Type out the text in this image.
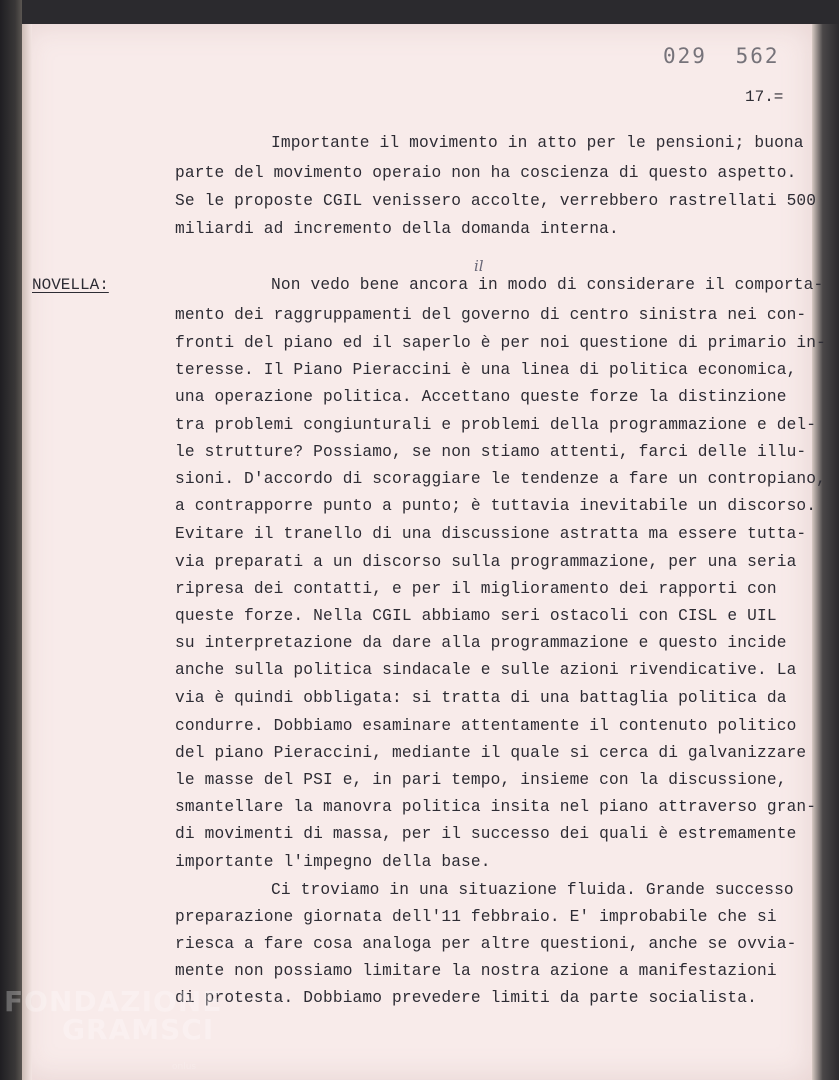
029 562
17.=
Importante il movimento in atto per le pensioni; buona
parte del movimento operaio non ha coscienza di questo aspetto.
Se le proposte CGIL venissero accolte, verrebbero rastrellati 500
miliardi ad incremento della domanda interna.
NOVELLA:
il
Non vedo bene ancora in modo di considerare il comporta-
mento dei raggruppamenti del governo di centro sinistra nei con-
fronti del piano ed il saperlo è per noi questione di primario in-
teresse. Il Piano Pieraccini è una linea di politica economica,
una operazione politica. Accettano queste forze la distinzione
tra problemi congiunturali e problemi della programmazione e del-
le strutture? Possiamo, se non stiamo attenti, farci delle illu-
sioni. D'accordo di scoraggiare le tendenze a fare un contropiano,
a contrapporre punto a punto; è tuttavia inevitabile un discorso.
Evitare il tranello di una discussione astratta ma essere tutta-
via preparati a un discorso sulla programmazione, per una seria
ripresa dei contatti, e per il miglioramento dei rapporti con
queste forze. Nella CGIL abbiamo seri ostacoli con CISL e UIL
su interpretazione da dare alla programmazione e questo incide
anche sulla politica sindacale e sulle azioni rivendicative. La
via è quindi obbligata: si tratta di una battaglia politica da
condurre. Dobbiamo esaminare attentamente il contenuto politico
del piano Pieraccini, mediante il quale si cerca di galvanizzare
le masse del PSI e, in pari tempo, insieme con la discussione,
smantellare la manovra politica insita nel piano attraverso gran-
di movimenti di massa, per il successo dei quali è estremamente
importante l'impegno della base.
Ci troviamo in una situazione fluida. Grande successo
preparazione giornata dell'11 febbraio. E' improbabile che si
riesca a fare cosa analoga per altre questioni, anche se ovvia-
mente non possiamo limitare la nostra azione a manifestazioni
di protesta. Dobbiamo prevedere limiti da parte socialista.
FONDAZIONE
GRAMSCI
onlus
